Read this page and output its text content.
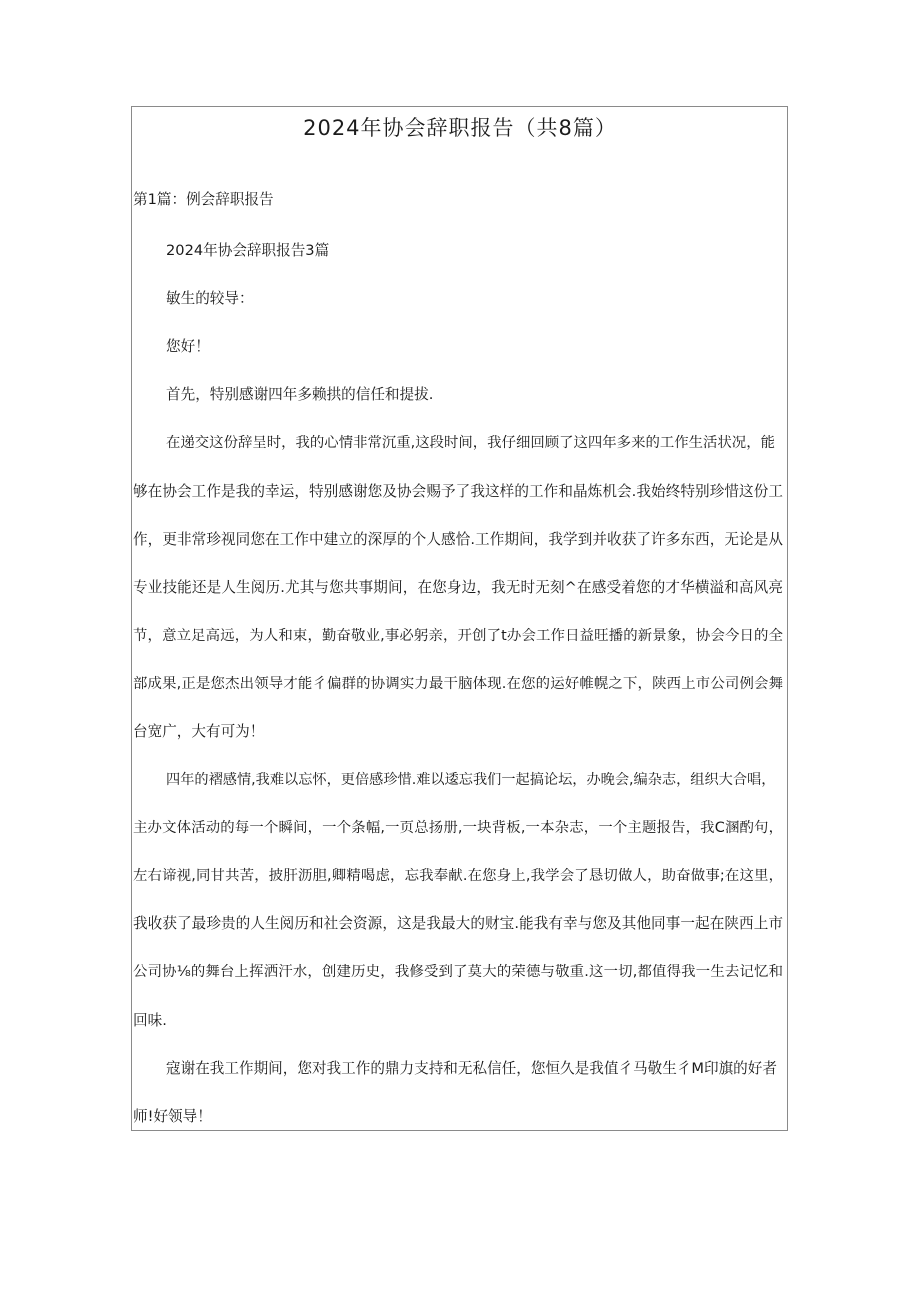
2024年协会辞职报告（共8篇）
第1篇：例会辞职报告
2024年协会辞职报告3篇
敏生的较导：
您好！
首先，特别感谢四年多赖拱的信任和提拔.
在递交这份辞呈时，我的心情非常沉重,这段时间，我仔细回顾了这四年多来的工作生活状况，能
够在协会工作是我的幸运，特别感谢您及协会赐予了我这样的工作和晶炼机会.我始终特别珍惜这份工
作，更非常珍视同您在工作中建立的深厚的个人感恰.工作期间，我学到并收获了许多东西，无论是从
专业技能还是人生阅历.尤其与您共事期间，在您身边，我无时无刻^在感受着您的才华横溢和高风亮
节，意立足高远，为人和束，勤奋敬业,事必躬亲，开创了t办会工作日益旺播的新景象，协会今日的全
部成果,正是您杰出领导才能彳偏群的协调实力最干脑体现.在您的运好帷幌之下，陕西上市公司例会舞
台宽广，大有可为！
四年的褶感情,我难以忘怀，更倍感珍惜.难以逶忘我们一起搞论坛，办晚会,编杂志，组织大合唱，
主办文体活动的每一个瞬间，一个条幅,一页总扬册,一块背板,一本杂志，一个主题报告，我C溷酌句，
左右谛视,同甘共苦，披肝沥胆,卿精喝虑，忘我奉献.在您身上,我学会了恳切做人，助奋做事;在这里，
我收获了最珍贵的人生阅历和社会资源，这是我最大的财宝.能我有幸与您及其他同事一起在陕西上市
公司协⅛的舞台上挥洒汗水，创建历史，我修受到了莫大的荣德与敬重.这一切,都值得我一生去记忆和
回味.
寇谢在我工作期间，您对我工作的鼎力支持和无私信任，您恒久是我值彳马敬生彳M印旗的好者
师!好领导！
